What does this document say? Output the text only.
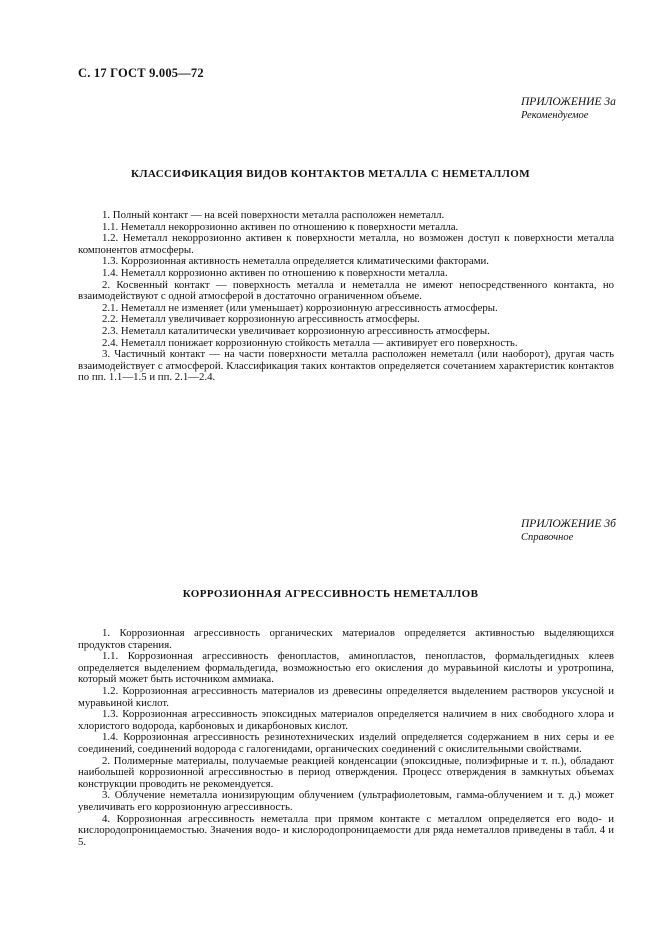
С. 17 ГОСТ 9.005—72
ПРИЛОЖЕНИЕ 3а
Рекомендуемое
КЛАССИФИКАЦИЯ ВИДОВ КОНТАКТОВ МЕТАЛЛА С НЕМЕТАЛЛОМ

1. Полный контакт — на всей поверхности металла расположен неметалл.

1.1. Неметалл некоррозионно активен по отношению к поверхности металла.

1.2. Неметалл некоррозионно активен к поверхности металла, но возможен доступ к поверхности металла компонентов атмосферы.

1.3. Коррозионная активность неметалла определяется климатическими факторами.

1.4. Неметалл коррозионно активен по отношению к поверхности металла.

2. Косвенный контакт — поверхность металла и неметалла не имеют непосредственного контакта, но взаимодействуют с одной атмосферой в достаточно ограниченном объеме.

2.1. Неметалл не изменяет (или уменьшает) коррозионную агрессивность атмосферы.

2.2. Неметалл увеличивает коррозионную агрессивность атмосферы.

2.3. Неметалл каталитически увеличивает коррозионную агрессивность атмосферы.

2.4. Неметалл понижает коррозионную стойкость металла — активирует его поверхность.

3. Частичный контакт — на части поверхности металла расположен неметалл (или наоборот), другая часть взаимодействует с атмосферой. Классификация таких контактов определяется сочетанием характеристик контактов по пп. 1.1—1.5 и пп. 2.1—2.4.

ПРИЛОЖЕНИЕ 3б
Справочное
КОРРОЗИОННАЯ АГРЕССИВНОСТЬ НЕМЕТАЛЛОВ

1. Коррозионная агрессивность органических материалов определяется активностью выделяющихся продуктов старения.

1.1. Коррозионная агрессивность фенопластов, аминопластов, пенопластов, формальдегидных клеев определяется выделением формальдегида, возможностью его окисления до муравьиной кислоты и уротропина, который может быть источником аммиака.

1.2. Коррозионная агрессивность материалов из древесины определяется выделением растворов уксусной и муравьиной кислот.

1.3. Коррозионная агрессивность эпоксидных материалов определяется наличием в них свободного хлора и хлористого водорода, карбоновых и дикарбоновых кислот.

1.4. Коррозионная агрессивность резинотехнических изделий определяется содержанием в них серы и ее соединений, соединений водорода с галогенидами, органических соединений с окислительными свойствами.

2. Полимерные материалы, получаемые реакцией конденсации (эпоксидные, полиэфирные и т. п.), обладают наибольшей коррозионной агрессивностью в период отверждения. Процесс отверждения в замкнутых объемах конструкции проводить не рекомендуется.

3. Облучение неметалла ионизирующим облучением (ультрафиолетовым, гамма-облучением и т. д.) может увеличивать его коррозионную агрессивность.

4. Коррозионная агрессивность неметалла при прямом контакте с металлом определяется его водо- и кислородопроницаемостью. Значения водо- и кислородопроницаемости для ряда неметаллов приведены в табл. 4 и 5.
